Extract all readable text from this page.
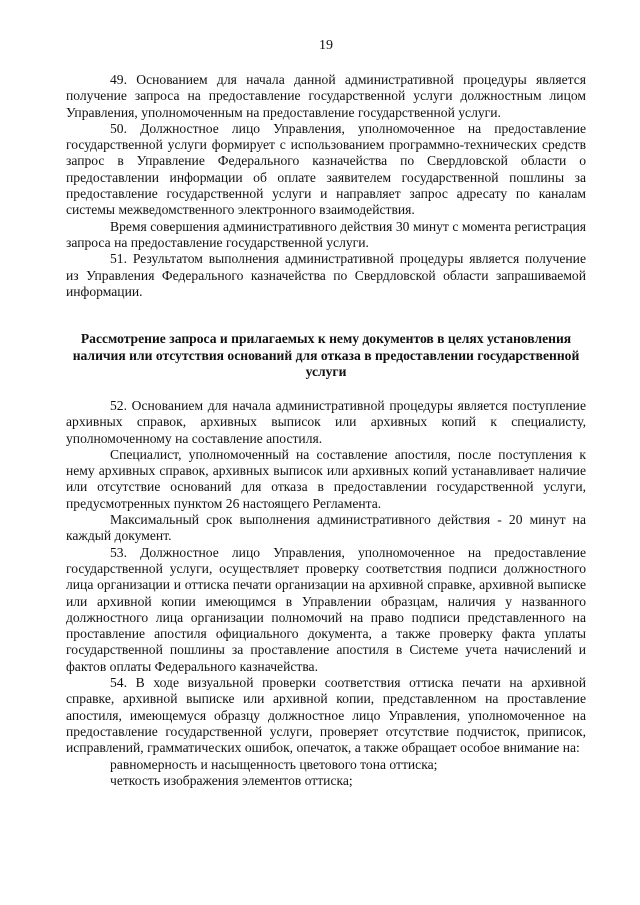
19

49. Основанием для начала данной административной процедуры является получение запроса на предоставление государственной услуги должностным лицом Управления, уполномоченным на предоставление государственной услуги.

50. Должностное лицо Управления, уполномоченное на предоставление государственной услуги формирует с использованием программно-технических средств запрос в Управление Федерального казначейства по Свердловской области о предоставлении информации об оплате заявителем государственной пошлины за предоставление государственной услуги и направляет запрос адресату по каналам системы межведомственного электронного взаимодействия.

Время совершения административного действия 30 минут с момента регистрация запроса на предоставление государственной услуги.

51. Результатом выполнения административной процедуры является получение из Управления Федерального казначейства по Свердловской области запрашиваемой информации.

Рассмотрение запроса и прилагаемых к нему документов в целях установления наличия или отсутствия оснований для отказа в предоставлении государственной услуги

52. Основанием для начала административной процедуры является поступление архивных справок, архивных выписок или архивных копий к специалисту, уполномоченному на составление апостиля.

Специалист, уполномоченный на составление апостиля, после поступления к нему архивных справок, архивных выписок или архивных копий устанавливает наличие или отсутствие оснований для отказа в предоставлении государственной услуги, предусмотренных пунктом 26 настоящего Регламента.

Максимальный срок выполнения административного действия - 20 минут на каждый документ.

53. Должностное лицо Управления, уполномоченное на предоставление государственной услуги, осуществляет проверку соответствия подписи должностного лица организации и оттиска печати организации на архивной справке, архивной выписке или архивной копии имеющимся в Управлении образцам, наличия у названного должностного лица организации полномочий на право подписи представленного на проставление апостиля официального документа, а также проверку факта уплаты государственной пошлины за проставление апостиля в Системе учета начислений и фактов оплаты Федерального казначейства.

54. В ходе визуальной проверки соответствия оттиска печати на архивной справке, архивной выписке или архивной копии, представленном на проставление апостиля, имеющемуся образцу должностное лицо Управления, уполномоченное на предоставление государственной услуги, проверяет отсутствие подчисток, приписок, исправлений, грамматических ошибок, опечаток, а также обращает особое внимание на:

равномерность и насыщенность цветового тона оттиска;

четкость изображения элементов оттиска;
